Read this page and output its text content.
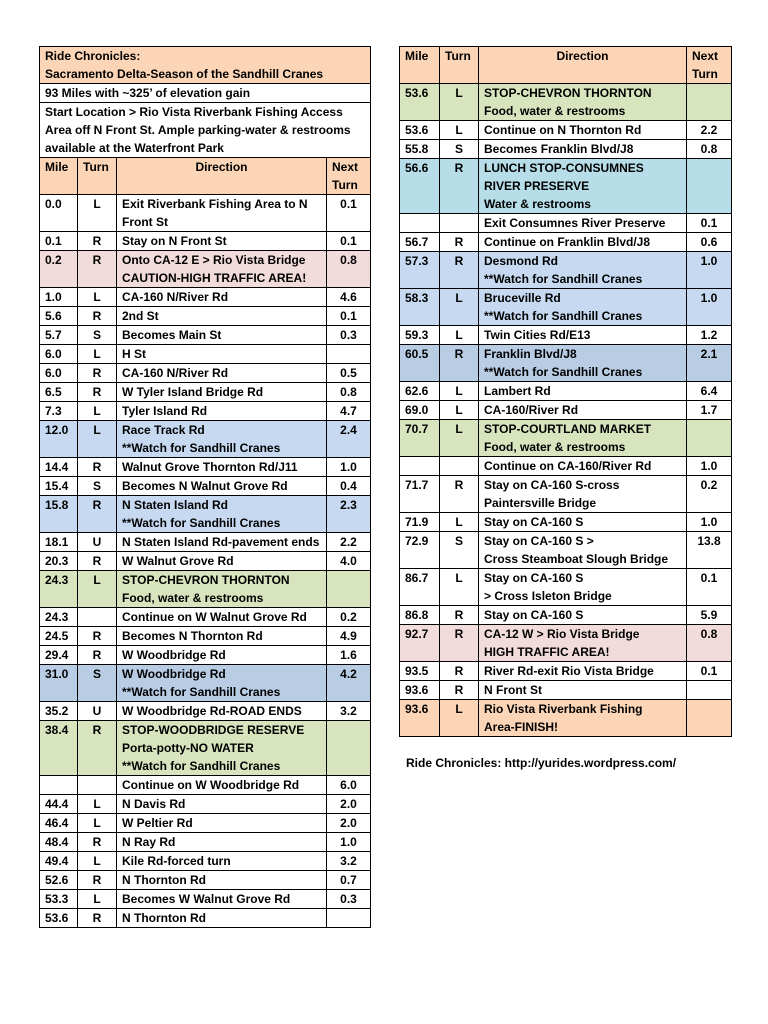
Ride Chronicles:
Sacramento Delta-Season of the Sandhill Cranes			

93 Miles with ~325’ of elevation gain			
Start Location > Rio Vista Riverbank Fishing Access Area off N Front St. Ample parking-water & restrooms available at the Waterfront Park			
Mile	Turn	Direction	Next Turn
0.0	L	Exit Riverbank Fishing Area to N Front St	0.1
0.1	R	Stay on N Front St	0.1
0.2	R	Onto CA-12 E > Rio Vista Bridge
CAUTION-HIGH TRAFFIC AREA!	0.8
1.0	L	CA-160 N/River Rd	4.6
5.6	R	2nd St	0.1
5.7	S	Becomes Main St	0.3
6.0	L	H St	

6.0	R	CA-160 N/River Rd	0.5
6.5	R	W Tyler Island Bridge Rd	0.8
7.3	L	Tyler Island Rd	4.7
12.0	L	Race Track Rd
**Watch for Sandhill Cranes	2.4
14.4	R	Walnut Grove Thornton Rd/J11	1.0
15.4	S	Becomes N Walnut Grove Rd	0.4
15.8	R	N Staten Island Rd
**Watch for Sandhill Cranes	2.3
18.1	U	N Staten Island Rd-pavement ends	2.2
20.3	R	W Walnut Grove Rd	4.0
24.3	L	STOP-CHEVRON THORNTON
Food, water & restrooms	

24.3		Continue on W Walnut Grove Rd	0.2
24.5	R	Becomes N Thornton Rd	4.9
29.4	R	W Woodbridge Rd	1.6
31.0	S	W Woodbridge Rd
**Watch for Sandhill Cranes	4.2
35.2	U	W Woodbridge Rd-ROAD ENDS	3.2
38.4	R	STOP-WOODBRIDGE RESERVE
Porta-potty-NO WATER
**Watch for Sandhill Cranes	

		Continue on W Woodbridge Rd	6.0
44.4	L	N Davis Rd	2.0
46.4	L	W Peltier Rd	2.0
48.4	R	N Ray Rd	1.0
49.4	L	Kile Rd-forced turn	3.2
52.6	R	N Thornton Rd	0.7
53.3	L	Becomes W Walnut Grove Rd	0.3
53.6	R	N Thornton Rd	

Mile	Turn	Direction	Next Turn
53.6	L	STOP-CHEVRON THORNTON
Food, water & restrooms	

53.6	L	Continue on N Thornton Rd	2.2
55.8	S	Becomes Franklin Blvd/J8	0.8
56.6	R	LUNCH STOP-CONSUMNES
RIVER PRESERVE
Water & restrooms	

		Exit Consumnes River Preserve	0.1
56.7	R	Continue on Franklin Blvd/J8	0.6
57.3	R	Desmond Rd
**Watch for Sandhill Cranes	1.0
58.3	L	Bruceville Rd
**Watch for Sandhill Cranes	1.0
59.3	L	Twin Cities Rd/E13	1.2
60.5	R	Franklin Blvd/J8
**Watch for Sandhill Cranes	2.1
62.6	L	Lambert Rd	6.4
69.0	L	CA-160/River Rd	1.7
70.7	L	STOP-COURTLAND MARKET
Food, water & restrooms	

		Continue on CA-160/River Rd	1.0
71.7	R	Stay on CA-160 S-cross
Paintersville Bridge	0.2
71.9	L	Stay on CA-160 S	1.0
72.9	S	Stay on CA-160 S >
Cross Steamboat Slough Bridge	13.8
86.7	L	Stay on CA-160 S
> Cross Isleton Bridge	0.1
86.8	R	Stay on CA-160 S	5.9
92.7	R	CA-12 W > Rio Vista Bridge
HIGH TRAFFIC AREA!	0.8
93.5	R	River Rd-exit Rio Vista Bridge	0.1
93.6	R	N Front St	

93.6	L	Rio Vista Riverbank Fishing
Area-FINISH!	

Ride Chronicles: http://yurides.wordpress.com/
